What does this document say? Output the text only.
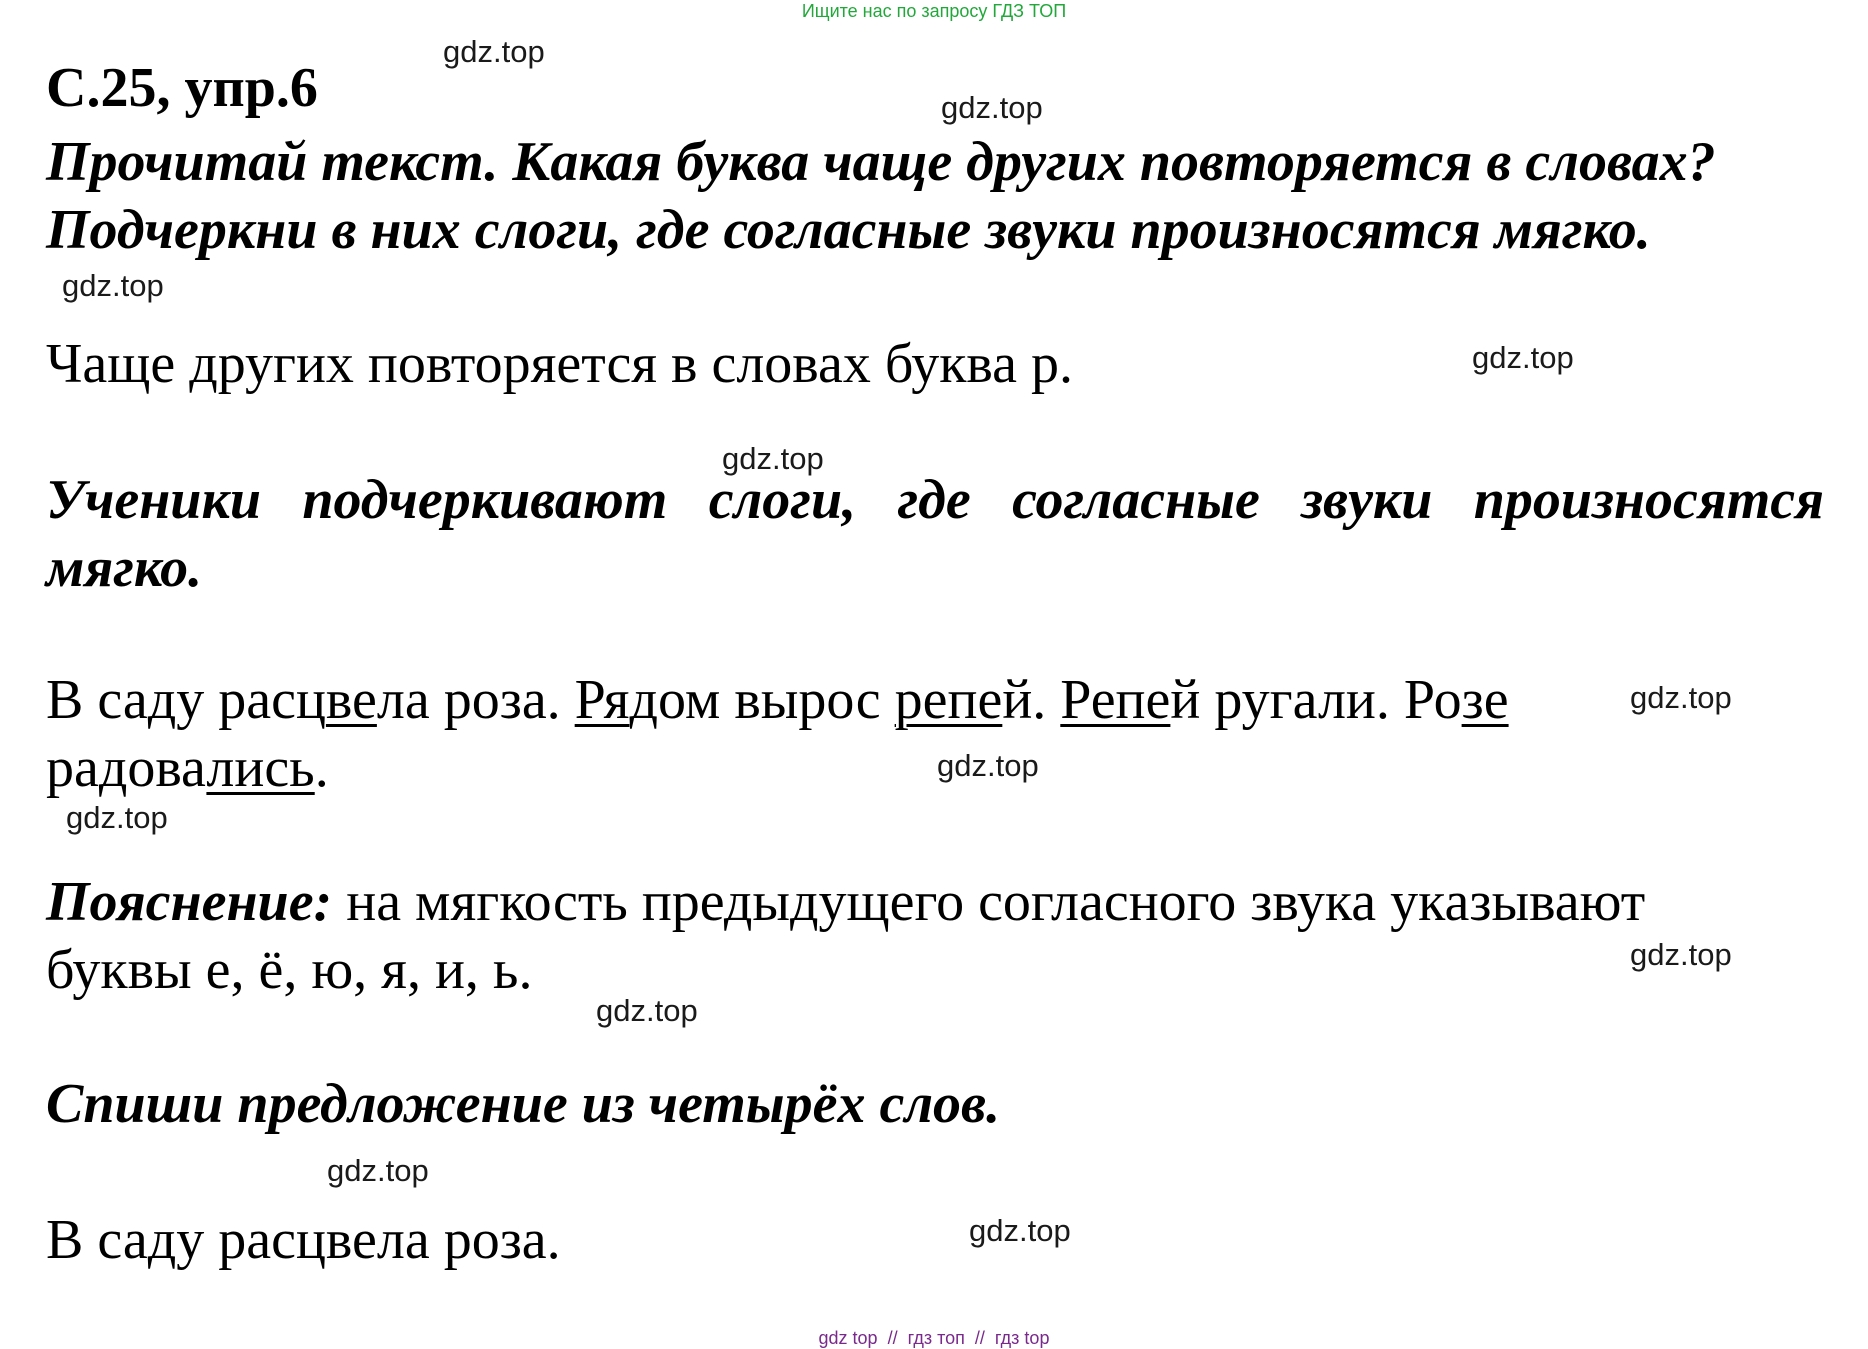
Ищите нас по запросу ГДЗ ТОП
С.25, упр.6
Прочитай текст. Какая буква чаще других повторяется в словах?
Подчеркни в них слоги, где согласные звуки произносятся мягко.
Чаще других повторяется в словах буква р.
Ученики подчеркивают слоги, где согласные звуки произносятся
мягко.
В саду расцвела роза. Рядом вырос репей. Репей ругали. Розе
радовались.
Пояснение: на мягкость предыдущего согласного звука указывают
буквы е, ё, ю, я, и, ь.
Спиши предложение из четырёх слов.
В саду расцвела роза.
gdz.top
gdz.top
gdz.top
gdz.top
gdz.top
gdz.top
gdz.top
gdz.top
gdz.top
gdz.top
gdz.top
gdz.top
gdz top // гдз топ // гдз top
